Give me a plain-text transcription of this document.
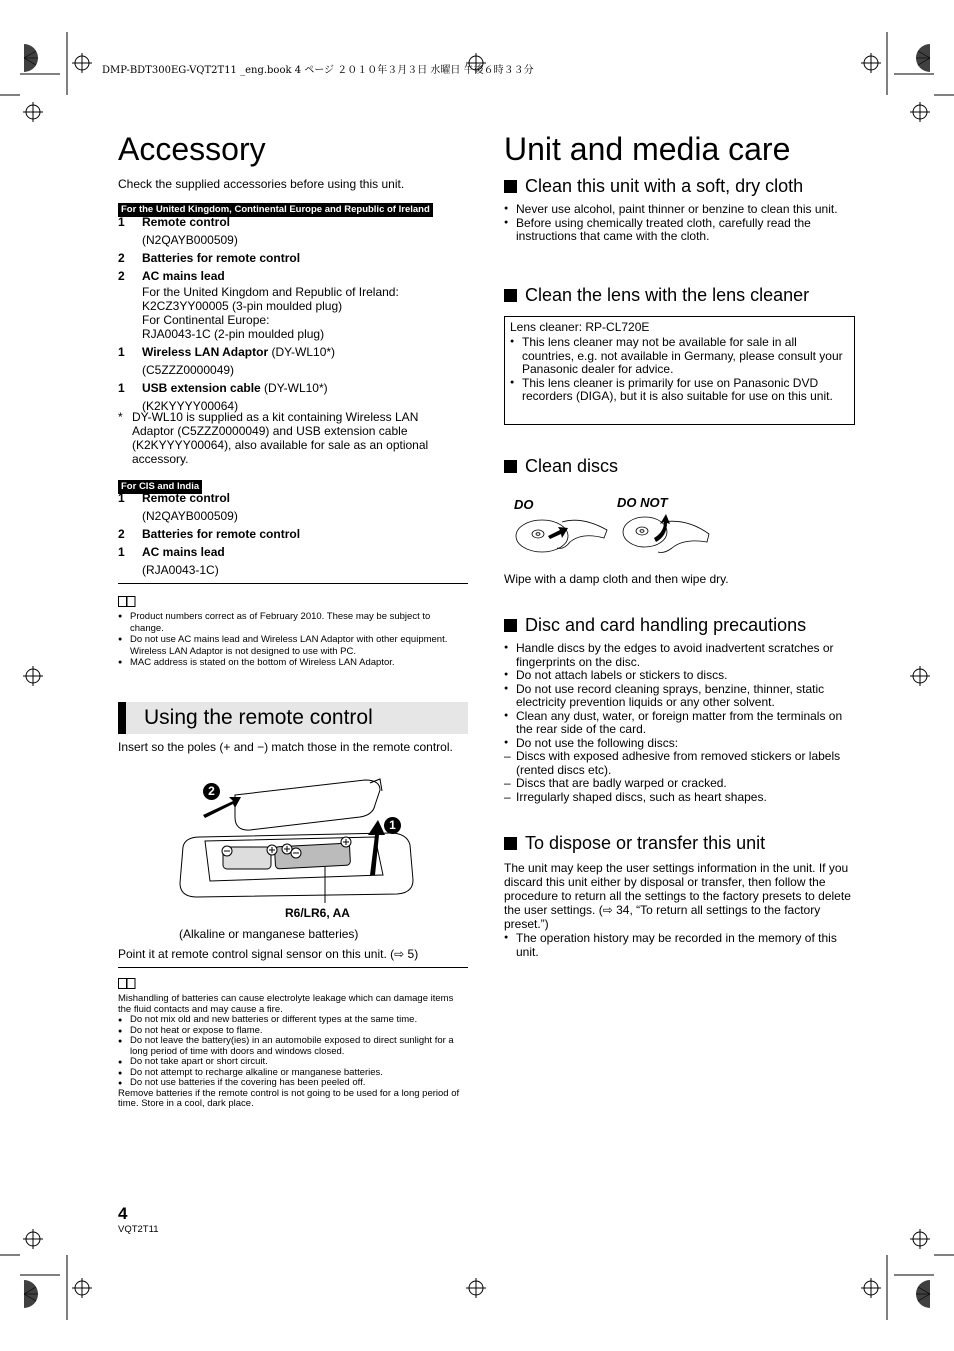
DMP-BDT300EG-VQT2T11 _eng.book 4 ページ ２０１０年３月３日 水曜日 午後６時３３分
Accessory
Check the supplied accessories before using this unit.
For the United Kingdom, Continental Europe and Republic of Ireland
1	Remote control
(N2QAYB000509)
2	Batteries for remote control
2	AC mains lead
For the United Kingdom and Republic of Ireland:
K2CZ3YY00005 (3-pin moulded plug)
For Continental Europe:
RJA0043-1C (2-pin moulded plug)
1	Wireless LAN Adaptor (DY-WL10*)
(C5ZZZ0000049)
1	USB extension cable (DY-WL10*)
(K2KYYYY00064)
* DY-WL10 is supplied as a kit containing Wireless LAN Adaptor (C5ZZZ0000049) and USB extension cable (K2KYYYY00064), also available for sale as an optional accessory.
For CIS and India
1	Remote control
(N2QAYB000509)
2	Batteries for remote control
1	AC mains lead
(RJA0043-1C)
● Product numbers correct as of February 2010. These may be subject to change.
● Do not use AC mains lead and Wireless LAN Adaptor with other equipment. Wireless LAN Adaptor is not designed to use with PC.
● MAC address is stated on the bottom of Wireless LAN Adaptor.
Using the remote control
Insert so the poles (+ and −) match those in the remote control.
2
1
R6/LR6, AA
(Alkaline or manganese batteries)
Point it at remote control signal sensor on this unit. (⇨ 5)
Mishandling of batteries can cause electrolyte leakage which can damage items the fluid contacts and may cause a fire.
● Do not mix old and new batteries or different types at the same time.
● Do not heat or expose to flame.
● Do not leave the battery(ies) in an automobile exposed to direct sunlight for a long period of time with doors and windows closed.
● Do not take apart or short circuit.
● Do not attempt to recharge alkaline or manganese batteries.
● Do not use batteries if the covering has been peeled off.
Remove batteries if the remote control is not going to be used for a long period of time. Store in a cool, dark place.
Unit and media care
Clean this unit with a soft, dry cloth
● Never use alcohol, paint thinner or benzine to clean this unit.
● Before using chemically treated cloth, carefully read the instructions that came with the cloth.
Clean the lens with the lens cleaner
Lens cleaner: RP-CL720E
● This lens cleaner may not be available for sale in all countries, e.g. not available in Germany, please consult your Panasonic dealer for advice.
● This lens cleaner is primarily for use on Panasonic DVD recorders (DIGA), but it is also suitable for use on this unit.
Clean discs
DO	DO NOT
Wipe with a damp cloth and then wipe dry.
Disc and card handling precautions
● Handle discs by the edges to avoid inadvertent scratches or fingerprints on the disc.
● Do not attach labels or stickers to discs.
● Do not use record cleaning sprays, benzine, thinner, static electricity prevention liquids or any other solvent.
● Clean any dust, water, or foreign matter from the terminals on the rear side of the card.
● Do not use the following discs:
– Discs with exposed adhesive from removed stickers or labels (rented discs etc).
– Discs that are badly warped or cracked.
– Irregularly shaped discs, such as heart shapes.
To dispose or transfer this unit
The unit may keep the user settings information in the unit. If you discard this unit either by disposal or transfer, then follow the procedure to return all the settings to the factory presets to delete the user settings. (⇨ 34, “To return all settings to the factory preset.”)
● The operation history may be recorded in the memory of this unit.
4
VQT2T11
